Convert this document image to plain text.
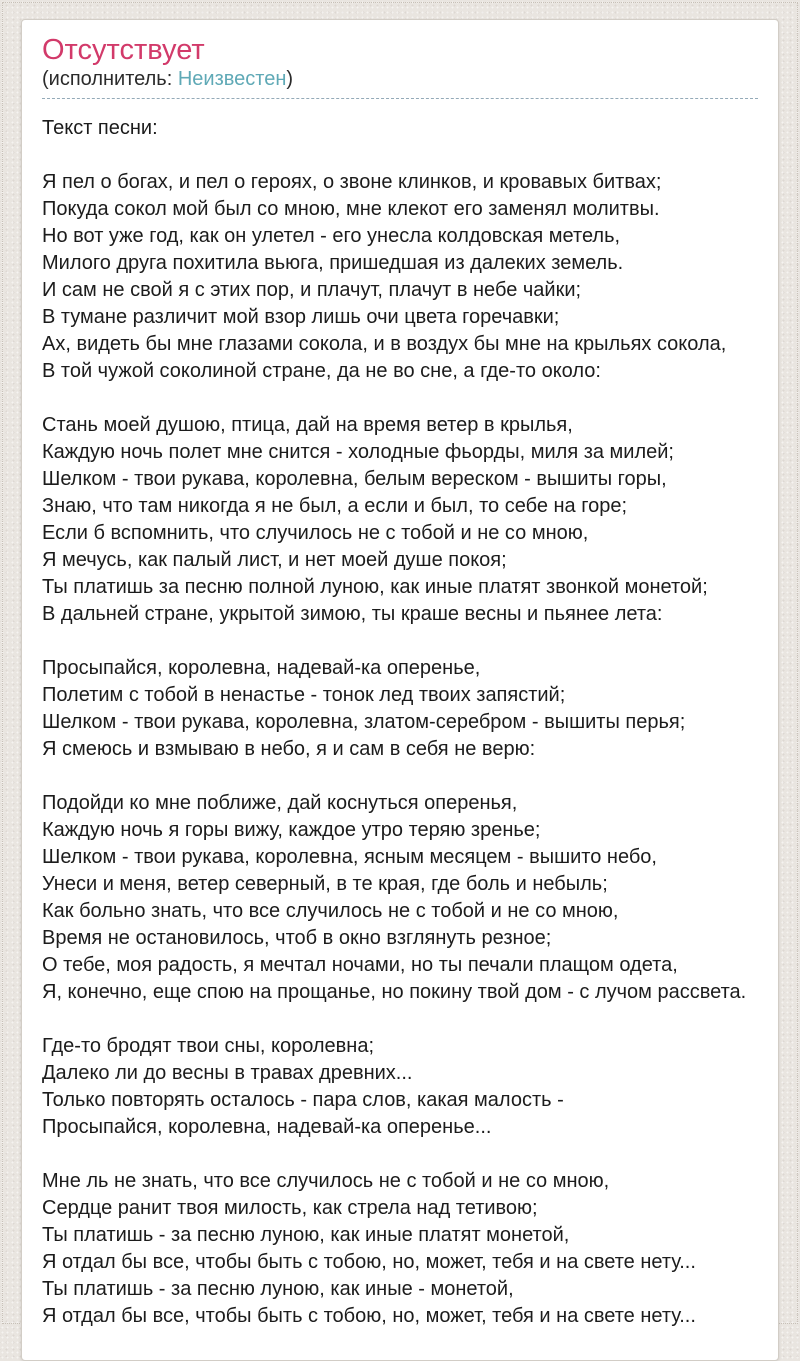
Отсутствует
(исполнитель: Неизвестен)

Текст песни:

Я пел о богах, и пел о героях, о звоне клинков, и кровавых битвах;
Покуда сокол мой был со мною, мне клекот его заменял молитвы.
Но вот уже год, как он улетел - его унесла колдовская метель,
Милого друга похитила вьюга, пришедшая из далеких земель.
И сам не свой я с этих пор, и плачут, плачут в небе чайки;
В тумане различит мой взор лишь очи цвета горечавки;
Ах, видеть бы мне глазами сокола, и в воздух бы мне на крыльях сокола,
В той чужой соколиной стране, да не во сне, а где-то около:

Стань моей душою, птица, дай на время ветер в крылья,
Каждую ночь полет мне снится - холодные фьорды, миля за милей;
Шелком - твои рукава, королевна, белым вереском - вышиты горы,
Знаю, что там никогда я не был, а если и был, то себе на горе;
Если б вспомнить, что случилось не с тобой и не со мною,
Я мечусь, как палый лист, и нет моей душе покоя;
Ты платишь за песню полной луною, как иные платят звонкой монетой;
В дальней стране, укрытой зимою, ты краше весны и пьянее лета:

Просыпайся, королевна, надевай-ка оперенье,
Полетим с тобой в ненастье - тонок лед твоих запястий;
Шелком - твои рукава, королевна, златом-серебром - вышиты перья;
Я смеюсь и взмываю в небо, я и сам в себя не верю:

Подойди ко мне поближе, дай коснуться оперенья,
Каждую ночь я горы вижу, каждое утро теряю зренье;
Шелком - твои рукава, королевна, ясным месяцем - вышито небо,
Унеси и меня, ветер северный, в те края, где боль и небыль;
Как больно знать, что все случилось не с тобой и не со мною,
Время не остановилось, чтоб в окно взглянуть резное;
О тебе, моя радость, я мечтал ночами, но ты печали плащом одета,
Я, конечно, еще спою на прощанье, но покину твой дом - с лучом рассвета.

Где-то бродят твои сны, королевна;
Далеко ли до весны в травах древних...
Только повторять осталось - пара слов, какая малость -
Просыпайся, королевна, надевай-ка оперенье...

Мне ль не знать, что все случилось не с тобой и не со мною,
Сердце ранит твоя милость, как стрела над тетивою;
Ты платишь - за песню луною, как иные платят монетой,
Я отдал бы все, чтобы быть с тобою, но, может, тебя и на свете нету...
Ты платишь - за песню луною, как иные - монетой,
Я отдал бы все, чтобы быть с тобою, но, может, тебя и на свете нету...
